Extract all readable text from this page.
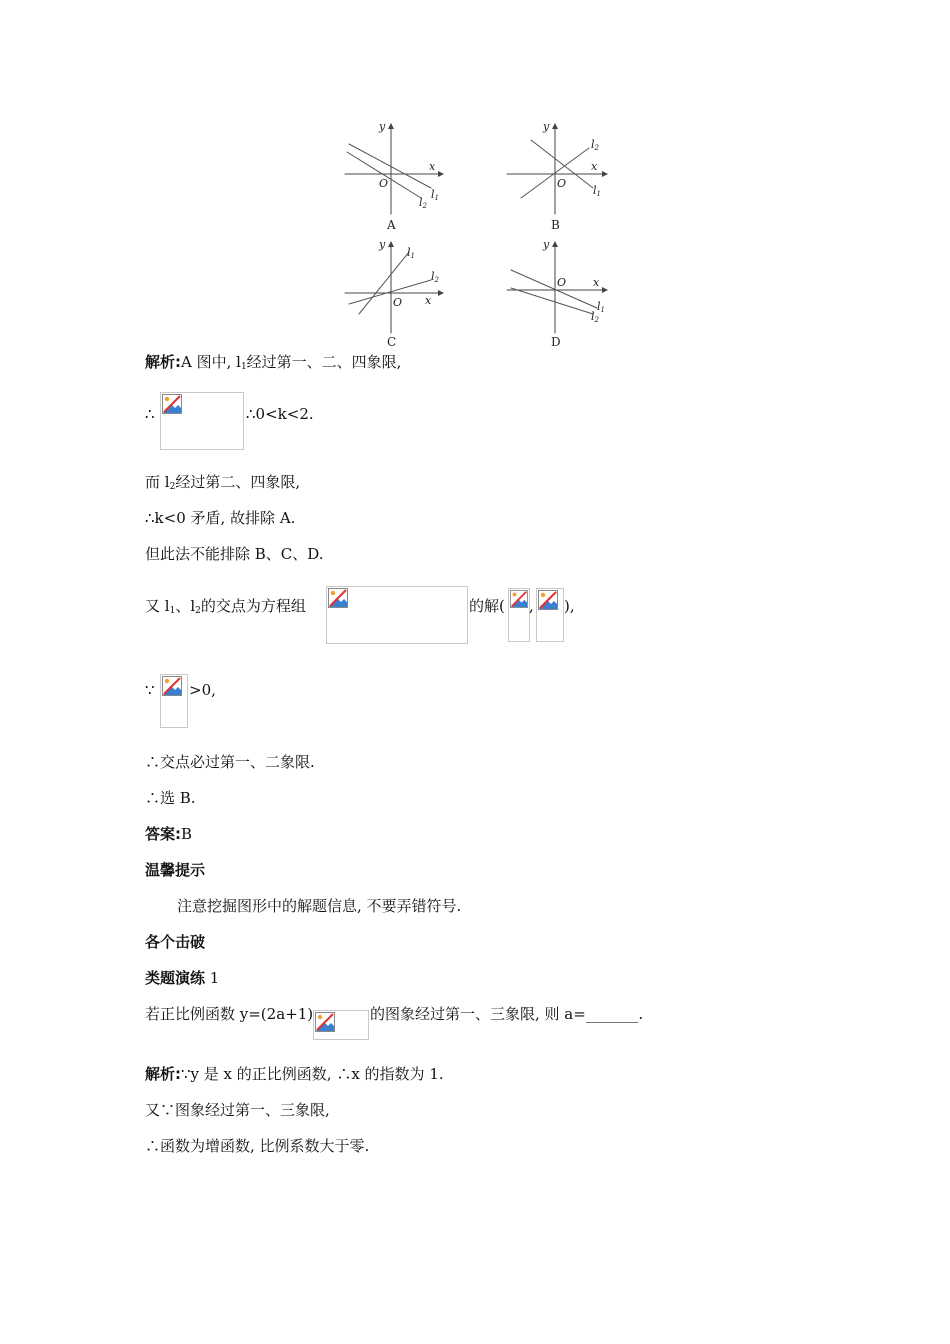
y
x
O
l1
l2
A
y
x
O
l2
l1
B
y
x
O
l1
l2
C
y
x
O
l1
l2
D
解析:A 图中, $l_1$经过第一、二、四象限,
∴	∴0<k<2.
而 $l_2$经过第二、四象限,
∴k<0 矛盾, 故排除 A.
但此法不能排除 B、C、D.
又 $l_1$、$l_2$的交点为方程组	的解( , ),
∵ >0,
∴交点必过第一、二象限.
∴选 B.
答案:B
温馨提示
注意挖掘图形中的解题信息, 不要弄错符号.
各个击破
类题演练 1
若正比例函数 y=(2a+1)	的图象经过第一、三象限, 则 a=_______.
解析:∵y 是 x 的正比例函数, ∴x 的指数为 1.
又∵图象经过第一、三象限,
∴函数为增函数, 比例系数大于零.
